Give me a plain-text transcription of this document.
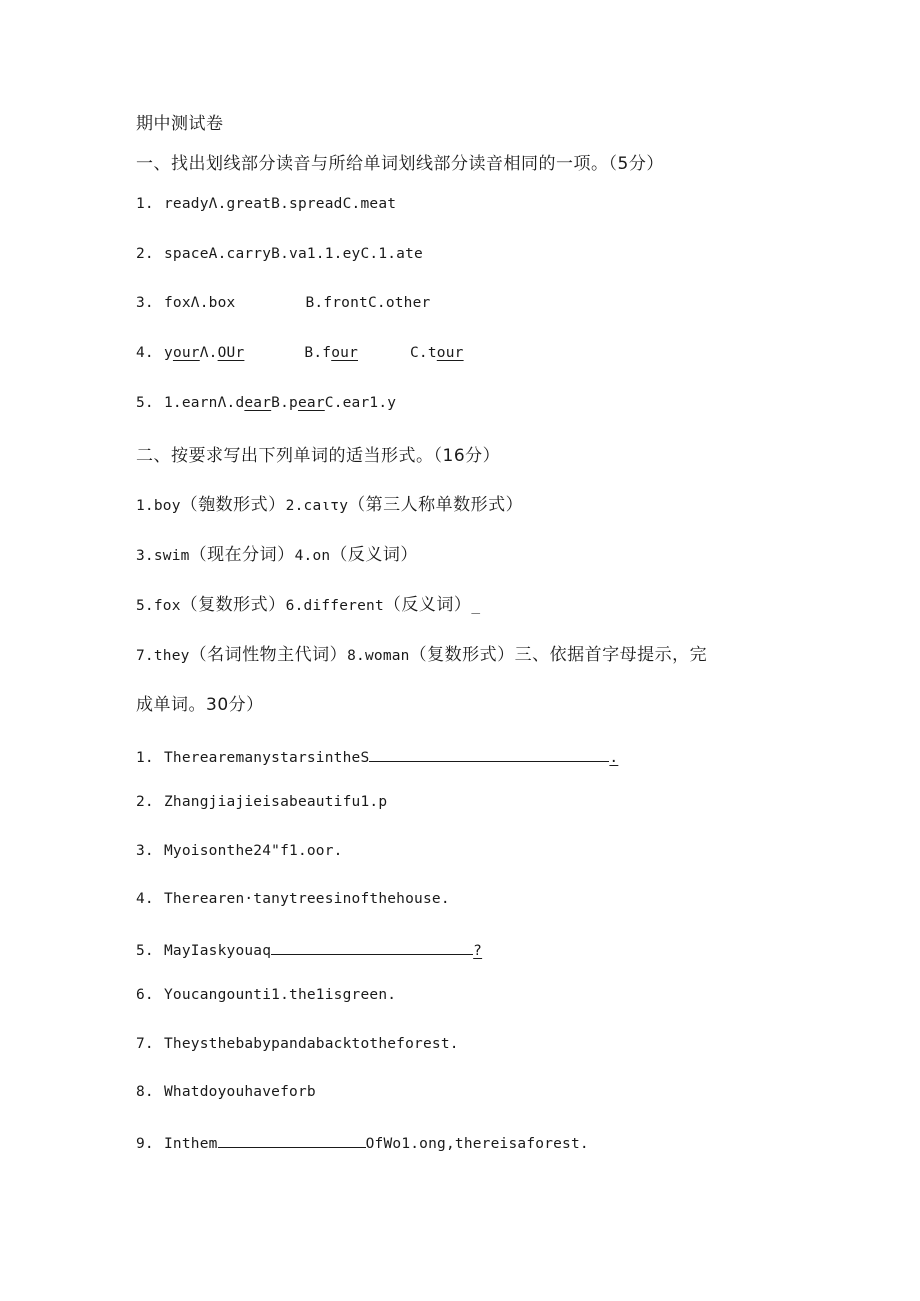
期中测试卷
一、找出划线部分读音与所给单词划线部分读音相同的一项。（5分）
1. readyΛ.greatB.spreadC.meat
2. spaceA.carryB.va1.1.eyC.1.ate
3. foxΛ.box	B.frontC.other
4. yourΛ.OUr	B.four	C.tour
5. 1.earnΛ.dearB.pearC.ear1.y
二、按要求写出下列单词的适当形式。（16分）
1.boy（匏数形式）2.caιτy（第三人称单数形式）
3.swim（现在分词）4.on（反义词）
5.fox（复数形式）6.different（反义词）_
7.they（名词性物主代词）8.woman（复数形式）三、依据首字母提示，完
成单词。30分）
1. TherearemanystarsintheS	.
2. Zhangjiajieisabeautifu1.p
3. Myoisonthe24"f1.oor.
4. Therearen·tanytreesinofthehouse.
5. MayIaskyouaq	?
6. Youcangounti1.the1isgreen.
7. Theysthebabypandabacktotheforest.
8. Whatdoyouhaveforb
9. Inthem	OfWo1.ong,thereisaforest.
